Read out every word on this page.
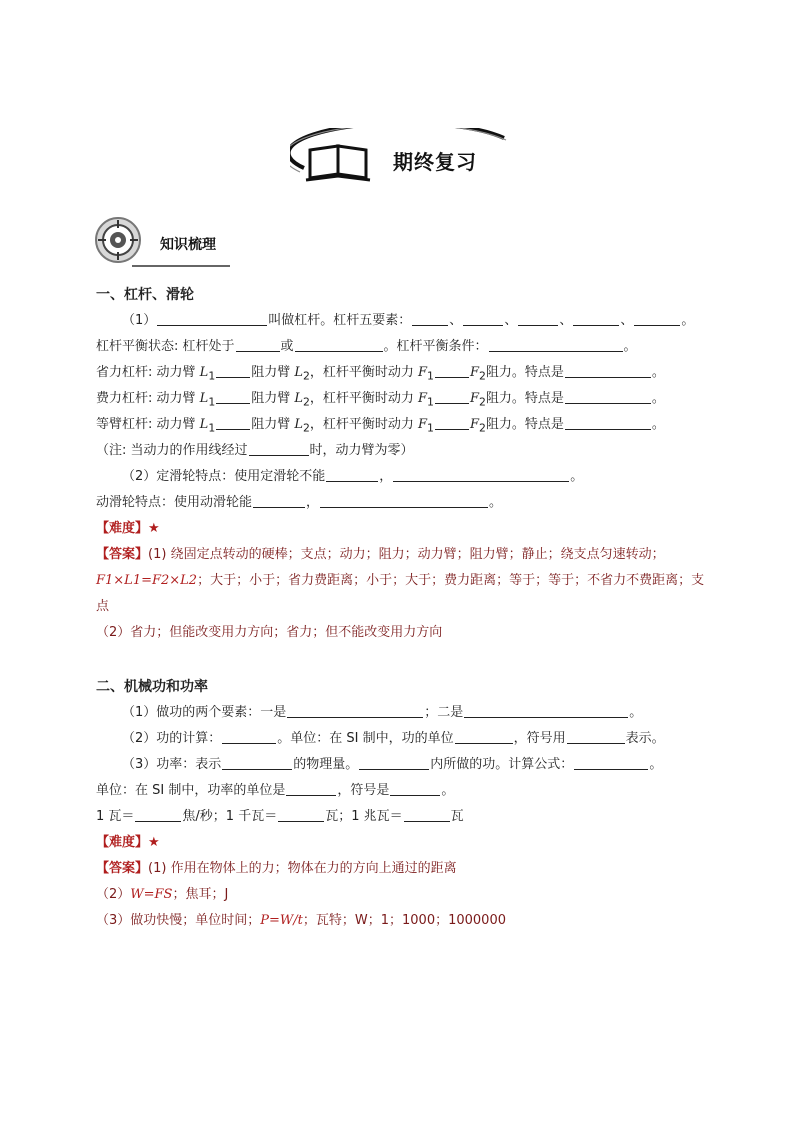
期终复习
知识梳理
一、杠杆、滑轮
（1）	叫做杠杆。杠杆五要素：	、	、	、	、	。
杠杆平衡状态: 杠杆处于	或	。杠杆平衡条件：	。
省力杠杆: 动力臂 $L_1$	阻力臂 $L_2$，杠杆平衡时动力 $F_1$	$F_2$阻力。特点是	。
费力杠杆: 动力臂 $L_1$	阻力臂 $L_2$，杠杆平衡时动力 $F_1$	$F_2$阻力。特点是	。
等臂杠杆: 动力臂 $L_1$	阻力臂 $L_2$，杠杆平衡时动力 $F_1$	$F_2$阻力。特点是	。
（注: 当动力的作用线经过	时，动力臂为零）
（2）定滑轮特点：使用定滑轮不能	，	。
动滑轮特点：使用动滑轮能	，	。
【难度】★
【答案】(1) 绕固定点转动的硬棒；支点；动力；阻力；动力臂；阻力臂；静止；绕支点匀速转动；F1×L1=F2×L2；大于；小于；省力费距离；小于；大于；费力距离；等于；等于；不省力不费距离；支点
（2）省力；但能改变用力方向；省力；但不能改变用力方向
二、机械功和功率
（1）做功的两个要素：一是	；二是	。
（2）功的计算：	。单位：在 SI 制中，功的单位	，符号用	表示。
（3）功率：表示	的物理量。	内所做的功。计算公式：	。
单位：在 SI 制中，功率的单位是	，符号是	。
1 瓦＝	焦/秒；1 千瓦＝	瓦；1 兆瓦＝	瓦
【难度】★
【答案】(1) 作用在物体上的力；物体在力的方向上通过的距离
（2）W=FS；焦耳；J
（3）做功快慢；单位时间；P=W/t；瓦特；W；1；1000；1000000
